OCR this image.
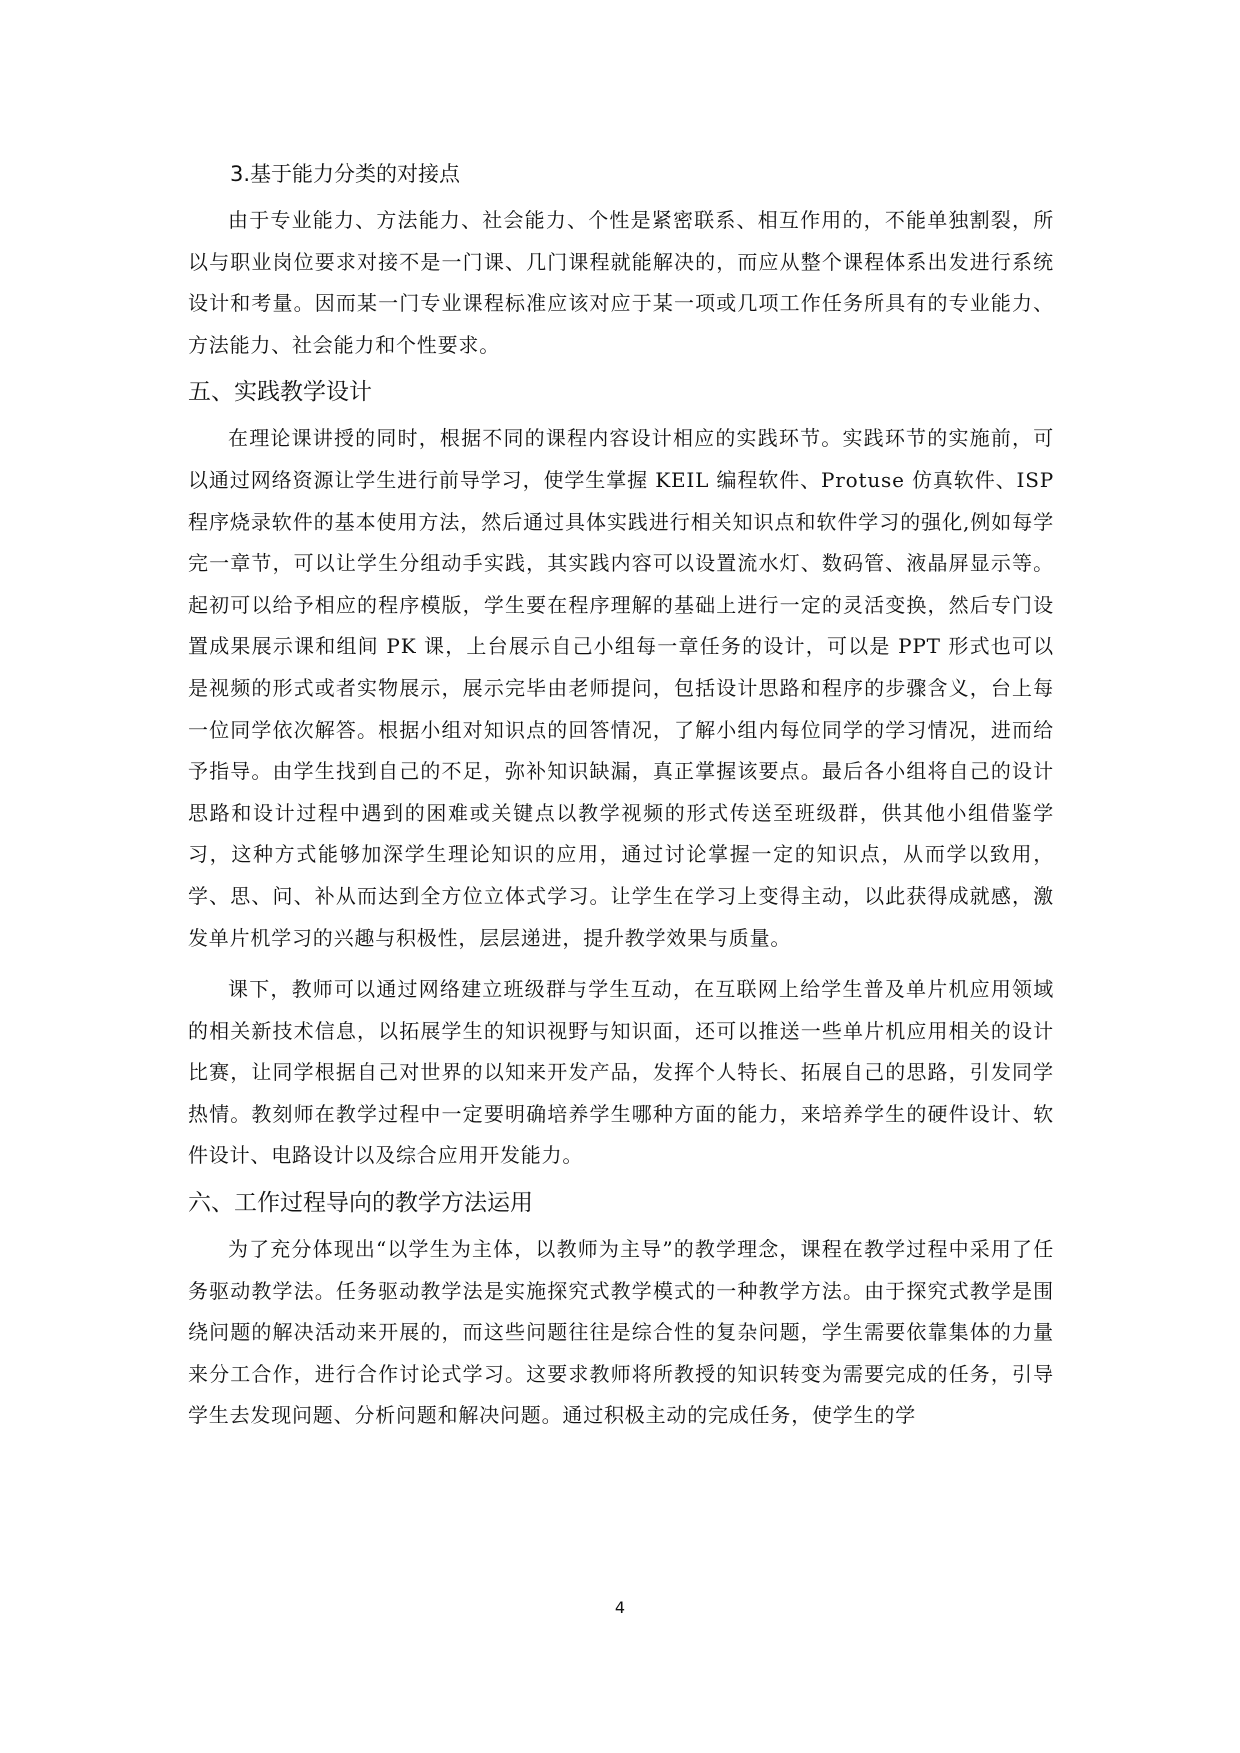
3.基于能力分类的对接点

由于专业能力、方法能力、社会能力、个性是紧密联系、相互作用的，不能单独割裂，所以与职业岗位要求对接不是一门课、几门课程就能解决的，而应从整个课程体系出发进行系统设计和考量。因而某一门专业课程标准应该对应于某一项或几项工作任务所具有的专业能力、方法能力、社会能力和个性要求。

五、实践教学设计

在理论课讲授的同时，根据不同的课程内容设计相应的实践环节。实践环节的实施前，可以通过网络资源让学生进行前导学习，使学生掌握 KEIL 编程软件、Protuse 仿真软件、ISP 程序烧录软件的基本使用方法，然后通过具体实践进行相关知识点和软件学习的强化,例如每学完一章节，可以让学生分组动手实践，其实践内容可以设置流水灯、数码管、液晶屏显示等。起初可以给予相应的程序模版，学生要在程序理解的基础上进行一定的灵活变换，然后专门设置成果展示课和组间 PK 课，上台展示自己小组每一章任务的设计，可以是 PPT 形式也可以是视频的形式或者实物展示，展示完毕由老师提问，包括设计思路和程序的步骤含义，台上每一位同学依次解答。根据小组对知识点的回答情况，了解小组内每位同学的学习情况，进而给予指导。由学生找到自己的不足，弥补知识缺漏，真正掌握该要点。最后各小组将自己的设计思路和设计过程中遇到的困难或关键点以教学视频的形式传送至班级群，供其他小组借鉴学习，这种方式能够加深学生理论知识的应用，通过讨论掌握一定的知识点，从而学以致用，学、思、问、补从而达到全方位立体式学习。让学生在学习上变得主动，以此获得成就感，激发单片机学习的兴趣与积极性，层层递进，提升教学效果与质量。

课下，教师可以通过网络建立班级群与学生互动，在互联网上给学生普及单片机应用领域的相关新技术信息，以拓展学生的知识视野与知识面，还可以推送一些单片机应用相关的设计比赛，让同学根据自己对世界的以知来开发产品，发挥个人特长、拓展自己的思路，引发同学热情。教刻师在教学过程中一定要明确培养学生哪种方面的能力，来培养学生的硬件设计、软件设计、电路设计以及综合应用开发能力。

六、工作过程导向的教学方法运用

为了充分体现出“以学生为主体，以教师为主导”的教学理念，课程在教学过程中采用了任务驱动教学法。任务驱动教学法是实施探究式教学模式的一种教学方法。由于探究式教学是围绕问题的解决活动来开展的，而这些问题往往是综合性的复杂问题，学生需要依靠集体的力量来分工合作，进行合作讨论式学习。这要求教师将所教授的知识转变为需要完成的任务，引导学生去发现问题、分析问题和解决问题。通过积极主动的完成任务，使学生的学

4
